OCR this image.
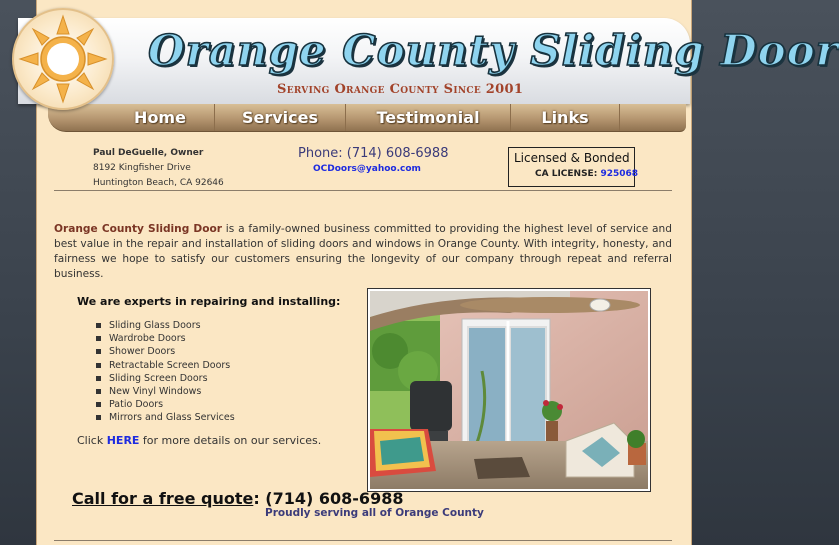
Orange County Sliding Door
Serving Orange County Since 2001
Home	Services	Testimonial	Links
Paul DeGuelle, Owner
8192 Kingfisher Drive
Huntington Beach, CA 92646
Phone: (714) 608-6988
OCDoors@yahoo.com
Licensed & Bonded
CA LICENSE: 925068
Orange County Sliding Door is a family-owned business committed to providing the highest level of service and best value in the repair and installation of sliding doors and windows in Orange County. With integrity, honesty, and fairness we hope to satisfy our customers ensuring the longevity of our company through repeat and referral business.
We are experts in repairing and installing:
Sliding Glass Doors
Wardrobe Doors
Shower Doors
Retractable Screen Doors
Sliding Screen Doors
New Vinyl Windows
Patio Doors
Mirrors and Glass Services
Click HERE for more details on our services.
Call for a free quote: (714) 608-6988
Proudly serving all of Orange County
